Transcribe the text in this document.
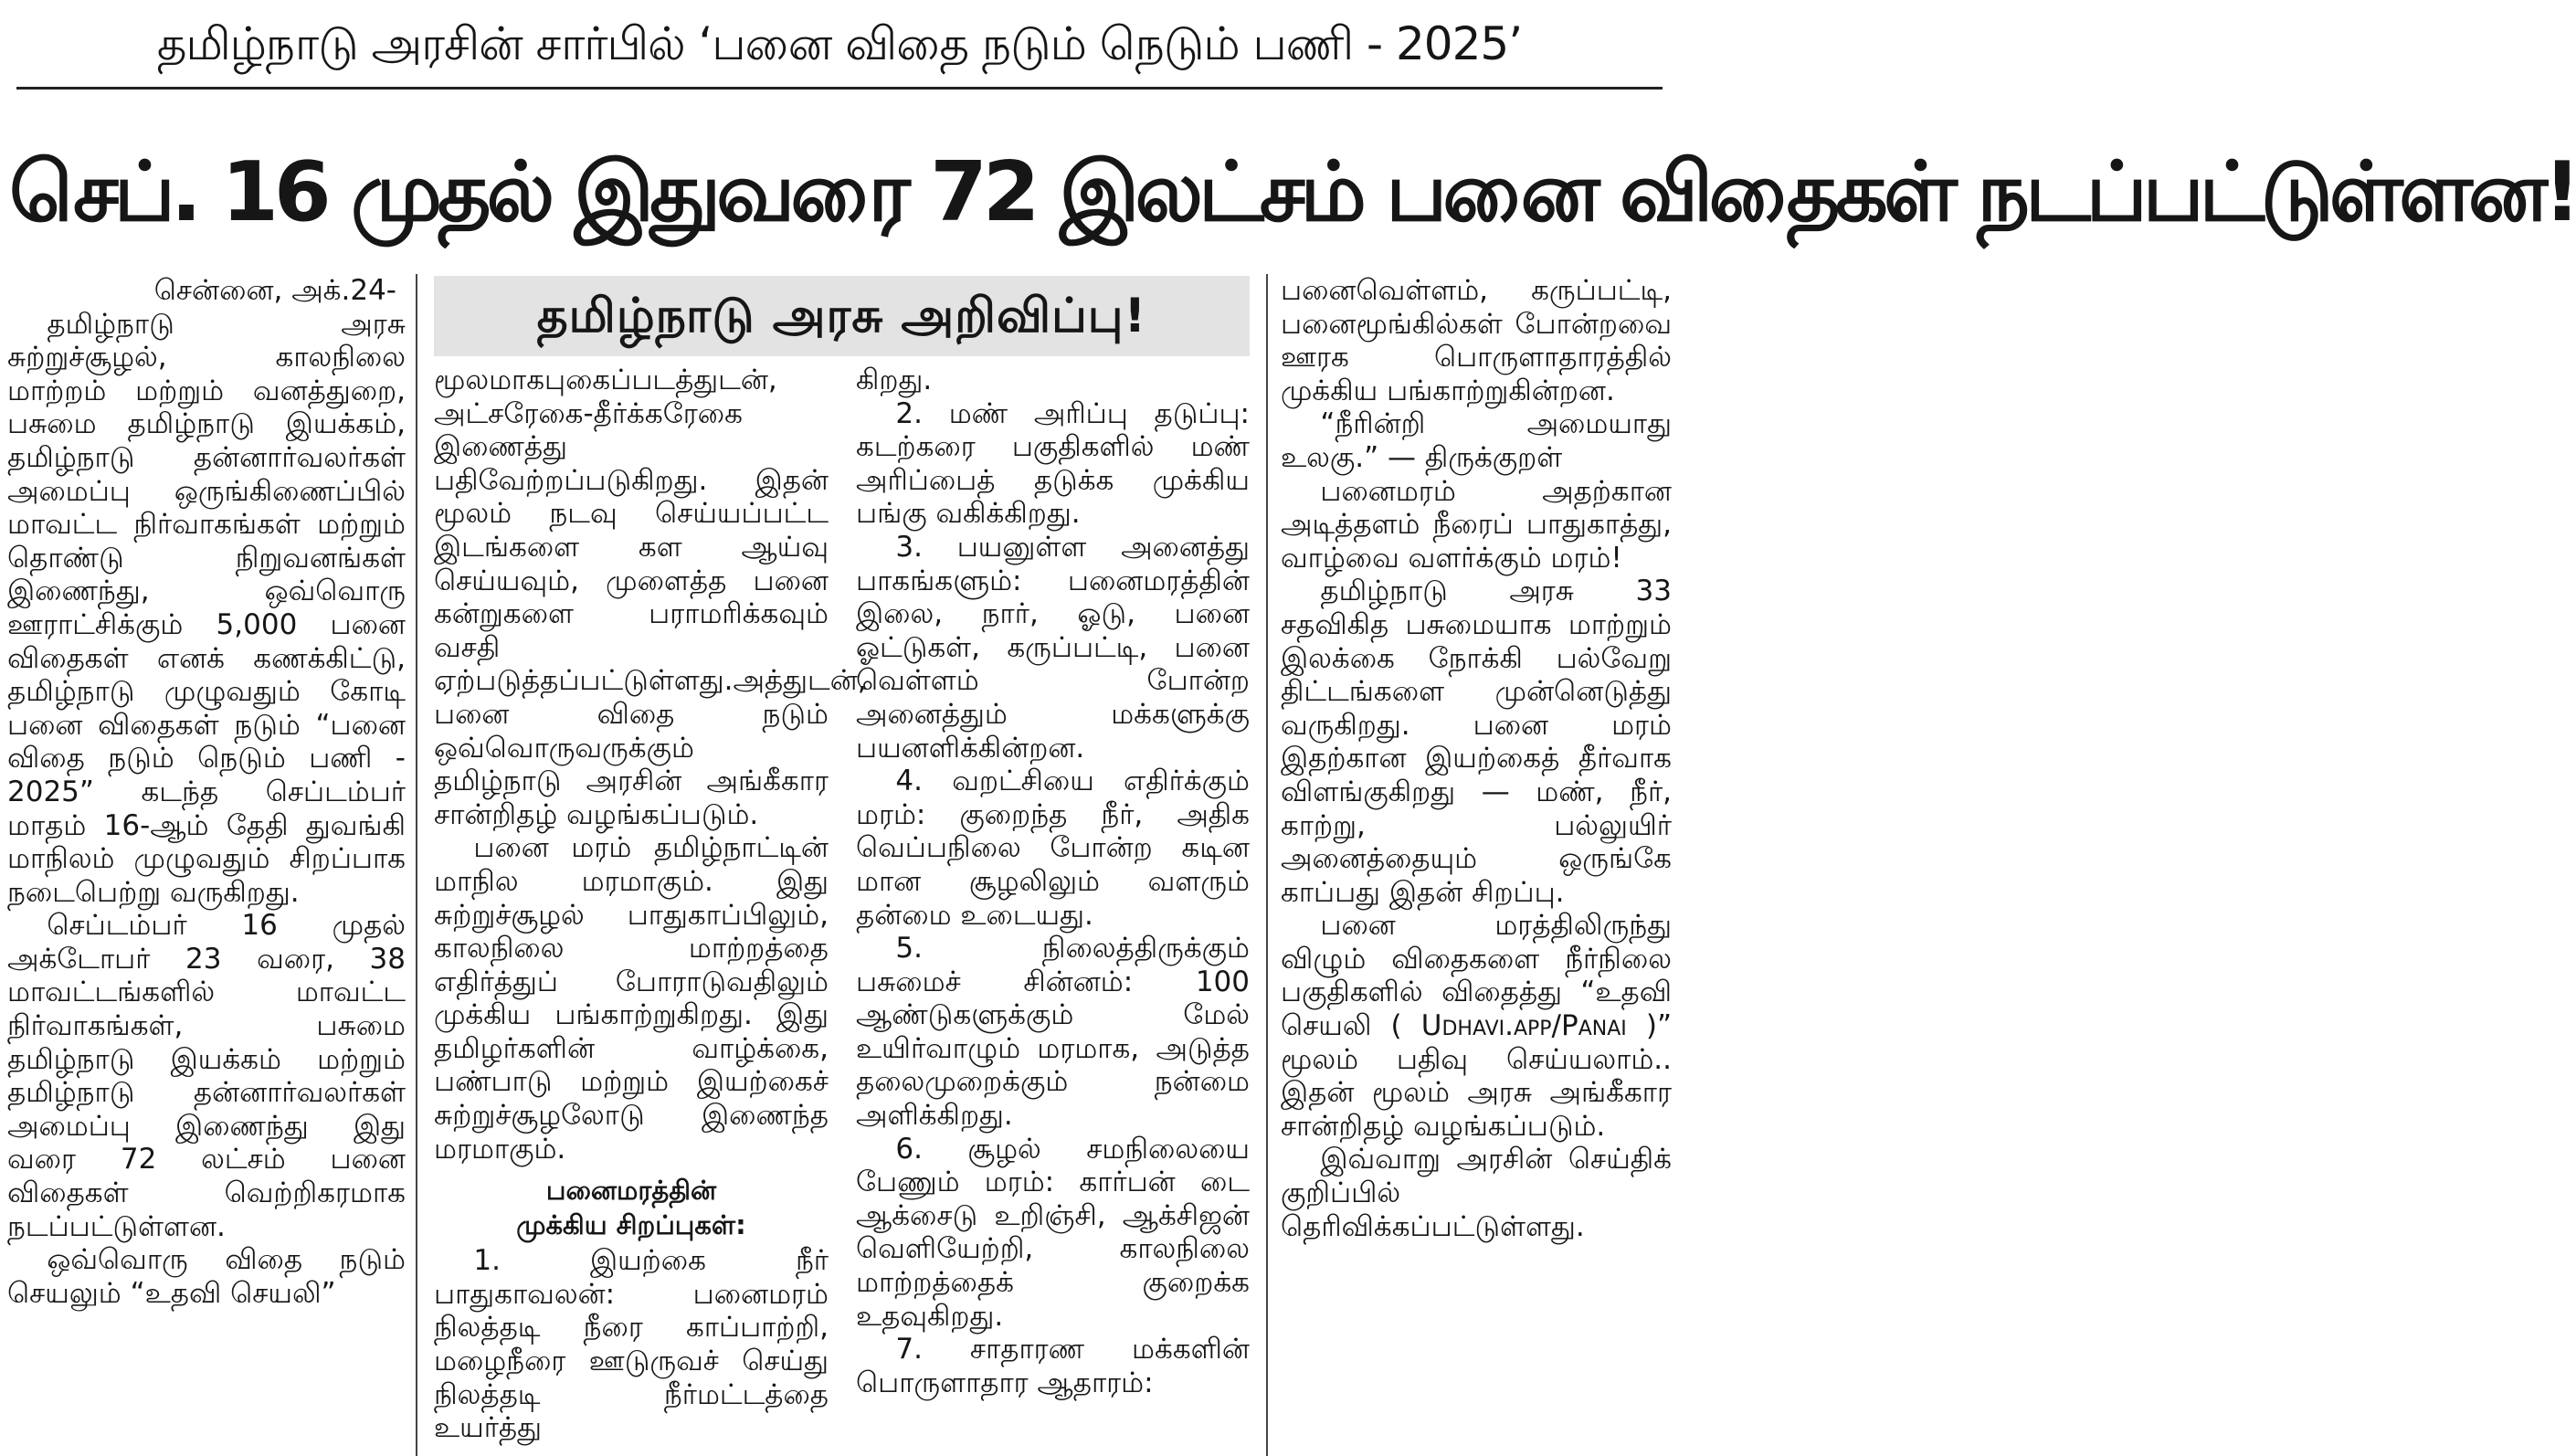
தமிழ்நாடு அரசின் சார்பில் ‘பனை விதை நடும் நெடும் பணி - 2025’
செப். 16 முதல் இதுவரை 72 இலட்சம் பனை விதைகள் நடப்பட்டுள்ளன!
சென்னை, அக்.24-

தமிழ்நாடு அரசு சுற்றுச்சூழல், காலநிலை மாற்றம் மற்றும் வனத்துறை, பசுமை தமிழ்நாடு இயக்கம், தமிழ்நாடு தன்னார்வலர்கள் அமைப்பு ஒருங்கிணைப்பில் மாவட்ட நிர்வாகங்கள் மற்றும் தொண்டு நிறுவனங்கள் இணைந்து, ஒவ்வொரு ஊராட்சிக்கும் 5,000 பனை விதைகள் எனக் கணக்கிட்டு, தமிழ்நாடு முழுவதும் கோடி பனை விதைகள் நடும் “பனை விதை நடும் நெடும் பணி - 2025” கடந்த செப்டம்பர் மாதம் 16-ஆம் தேதி துவங்கி மாநிலம் முழுவதும் சிறப்பாக நடைபெற்று வருகிறது.

செப்டம்பர் 16 முதல் அக்டோபர் 23 வரை, 38 மாவட்டங்களில் மாவட்ட நிர்வாகங்கள், பசுமை தமிழ்நாடு இயக்கம் மற்றும் தமிழ்நாடு தன்னார்வலர்கள் அமைப்பு இணைந்து இது வரை 72 லட்சம் பனை விதைகள் வெற்றிகரமாக நடப்பட்டுள்ளன.

ஒவ்வொரு விதை நடும் செயலும் “உதவி செயலி”

தமிழ்நாடு அரசு அறிவிப்பு!

மூலமாகபுகைப்படத்துடன், அட்சரேகை-தீர்க்கரேகை இணைத்து பதிவேற்றப்படுகிறது. இதன் மூலம் நடவு செய்யப்பட்ட இடங்களை கள ஆய்வு செய்யவும், முளைத்த பனை கன்றுகளை பராமரிக்கவும் வசதி ஏற்படுத்தப்பட்டுள்ளது.அத்துடன், பனை விதை நடும் ஒவ்வொருவருக்கும் தமிழ்நாடு அரசின் அங்கீகார சான்றிதழ் வழங்கப்படும்.

பனை மரம் தமிழ்நாட்டின் மாநில மரமாகும். இது சுற்றுச்சூழல் பாதுகாப்பிலும், காலநிலை மாற்றத்தை எதிர்த்துப் போராடுவதிலும் முக்கிய பங்காற்றுகிறது. இது தமிழர்களின் வாழ்க்கை, பண்பாடு மற்றும் இயற்கைச் சுற்றுச்சூழலோடு இணைந்த மரமாகும்.

பனைமரத்தின்
முக்கிய சிறப்புகள்:

1. இயற்கை நீர் பாதுகாவலன்: பனைமரம் நிலத்தடி நீரை காப்பாற்றி, மழைநீரை ஊடுருவச் செய்து நிலத்தடி நீர்மட்டத்தை உயர்த்து

கிறது.

2. மண் அரிப்பு தடுப்பு: கடற்கரை பகுதிகளில் மண் அரிப்பைத் தடுக்க முக்கிய பங்கு வகிக்கிறது.

3. பயனுள்ள அனைத்து பாகங்களும்: பனைமரத்தின் இலை, நார், ஓடு, பனை ஓட்டுகள், கருப்பட்டி, பனை வெள்ளம் போன்ற அனைத்தும் மக்களுக்கு பயனளிக்கின்றன.

4. வறட்சியை எதிர்க்கும் மரம்: குறைந்த நீர், அதிக வெப்பநிலை போன்ற கடின மான சூழலிலும் வளரும் தன்மை உடையது.

5. நிலைத்திருக்கும் பசுமைச் சின்னம்: 100 ஆண்டுகளுக்கும் மேல் உயிர்வாழும் மரமாக, அடுத்த தலைமுறைக்கும் நன்மை அளிக்கிறது.

6. சூழல் சமநிலையை பேணும் மரம்: கார்பன் டை ஆக்சைடு உறிஞ்சி, ஆக்சிஜன் வெளியேற்றி, காலநிலை மாற்றத்தைக் குறைக்க உதவுகிறது.

7. சாதாரண மக்களின் பொருளாதார ஆதாரம்:

பனைவெள்ளம், கருப்பட்டி, பனைமூங்கில்கள் போன்றவை ஊரக பொருளாதாரத்தில் முக்கிய பங்காற்றுகின்றன.

“நீரின்றி அமையாது உலகு.” — திருக்குறள்

பனைமரம் அதற்கான அடித்தளம் நீரைப் பாதுகாத்து, வாழ்வை வளர்க்கும் மரம்!

தமிழ்நாடு அரசு 33 சதவிகித பசுமையாக மாற்றும் இலக்கை நோக்கி பல்வேறு திட்டங்களை முன்னெடுத்து வருகிறது. பனை மரம் இதற்கான இயற்கைத் தீர்வாக விளங்குகிறது — மண், நீர், காற்று, பல்லுயிர் அனைத்தையும் ஒருங்கே காப்பது இதன் சிறப்பு.

பனை மரத்திலிருந்து விழும் விதைகளை நீர்நிலை பகுதிகளில் விதைத்து “உதவி செயலி ( Udhavi.app/Panai )” மூலம் பதிவு செய்யலாம்.. இதன் மூலம் அரசு அங்கீகார சான்றிதழ் வழங்கப்படும்.

இவ்வாறு அரசின் செய்திக் குறிப்பில் தெரிவிக்கப்பட்டுள்ளது.
